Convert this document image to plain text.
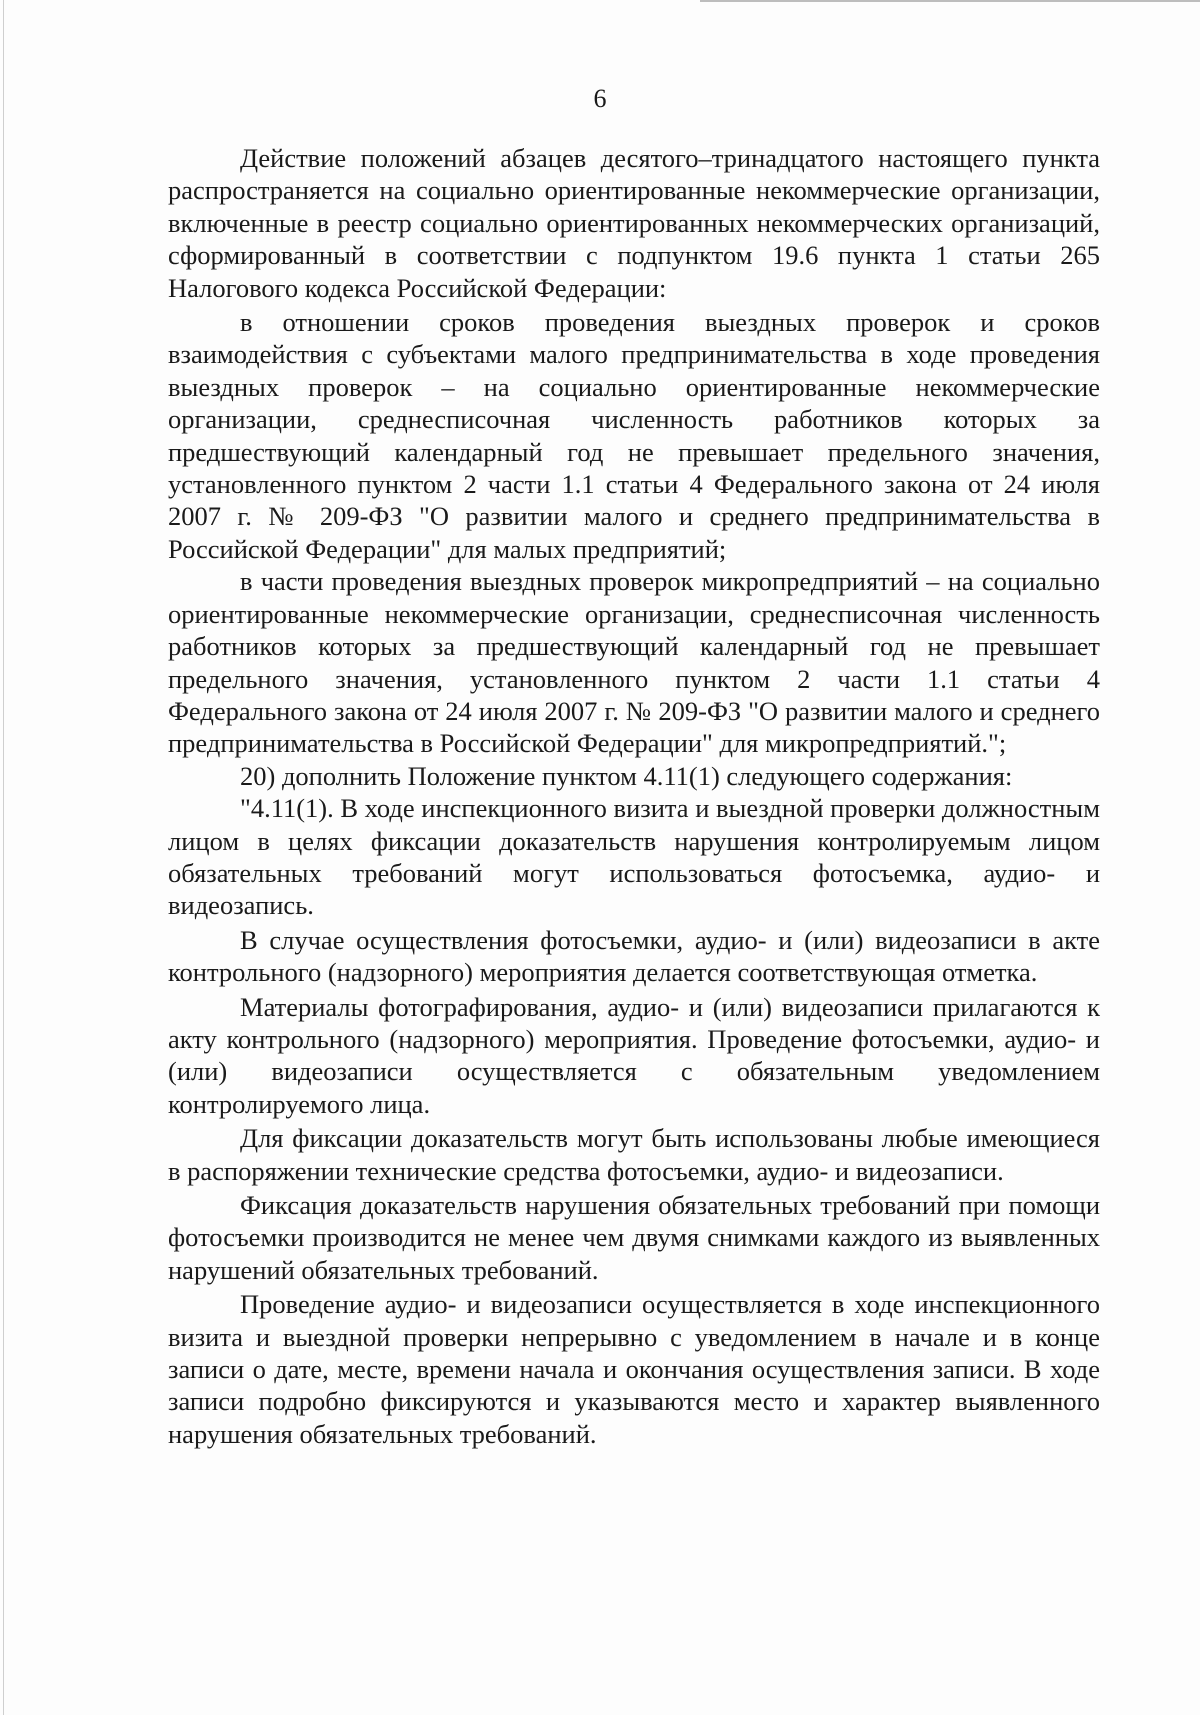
6

Действие положений абзацев десятого–тринадцатого настоящего пункта распространяется на социально ориентированные некоммерческие организации, включенные в реестр социально ориентированных некоммерческих организаций, сформированный в соответствии с подпунктом 19.6 пункта 1 статьи 265 Налогового кодекса Российской Федерации:

в отношении сроков проведения выездных проверок и сроков взаимодействия с субъектами малого предпринимательства в ходе проведения выездных проверок – на социально ориентированные некоммерческие организации, среднесписочная численность работников которых за предшествующий календарный год не превышает предельного значения, установленного пунктом 2 части 1.1 статьи 4 Федерального закона от 24 июля 2007 г. № 209-ФЗ "О развитии малого и среднего предпринимательства в Российской Федерации" для малых предприятий;

в части проведения выездных проверок микропредприятий – на социально ориентированные некоммерческие организации, среднесписочная численность работников которых за предшествующий календарный год не превышает предельного значения, установленного пунктом 2 части 1.1 статьи 4 Федерального закона от 24 июля 2007 г. № 209-ФЗ "О развитии малого и среднего предпринимательства в Российской Федерации" для микропредприятий.";

20) дополнить Положение пунктом 4.11(1) следующего содержания:

"4.11(1). В ходе инспекционного визита и выездной проверки должностным лицом в целях фиксации доказательств нарушения контролируемым лицом обязательных требований могут использоваться фотосъемка, аудио- и видеозапись.

В случае осуществления фотосъемки, аудио- и (или) видеозаписи в акте контрольного (надзорного) мероприятия делается соответствующая отметка.

Материалы фотографирования, аудио- и (или) видеозаписи прилагаются к акту контрольного (надзорного) мероприятия. Проведение фотосъемки, аудио- и (или) видеозаписи осуществляется с обязательным уведомлением контролируемого лица.

Для фиксации доказательств могут быть использованы любые имеющиеся в распоряжении технические средства фотосъемки, аудио- и видеозаписи.

Фиксация доказательств нарушения обязательных требований при помощи фотосъемки производится не менее чем двумя снимками каждого из выявленных нарушений обязательных требований.

Проведение аудио- и видеозаписи осуществляется в ходе инспекционного визита и выездной проверки непрерывно с уведомлением в начале и в конце записи о дате, месте, времени начала и окончания осуществления записи. В ходе записи подробно фиксируются и указываются место и характер выявленного нарушения обязательных требований.
